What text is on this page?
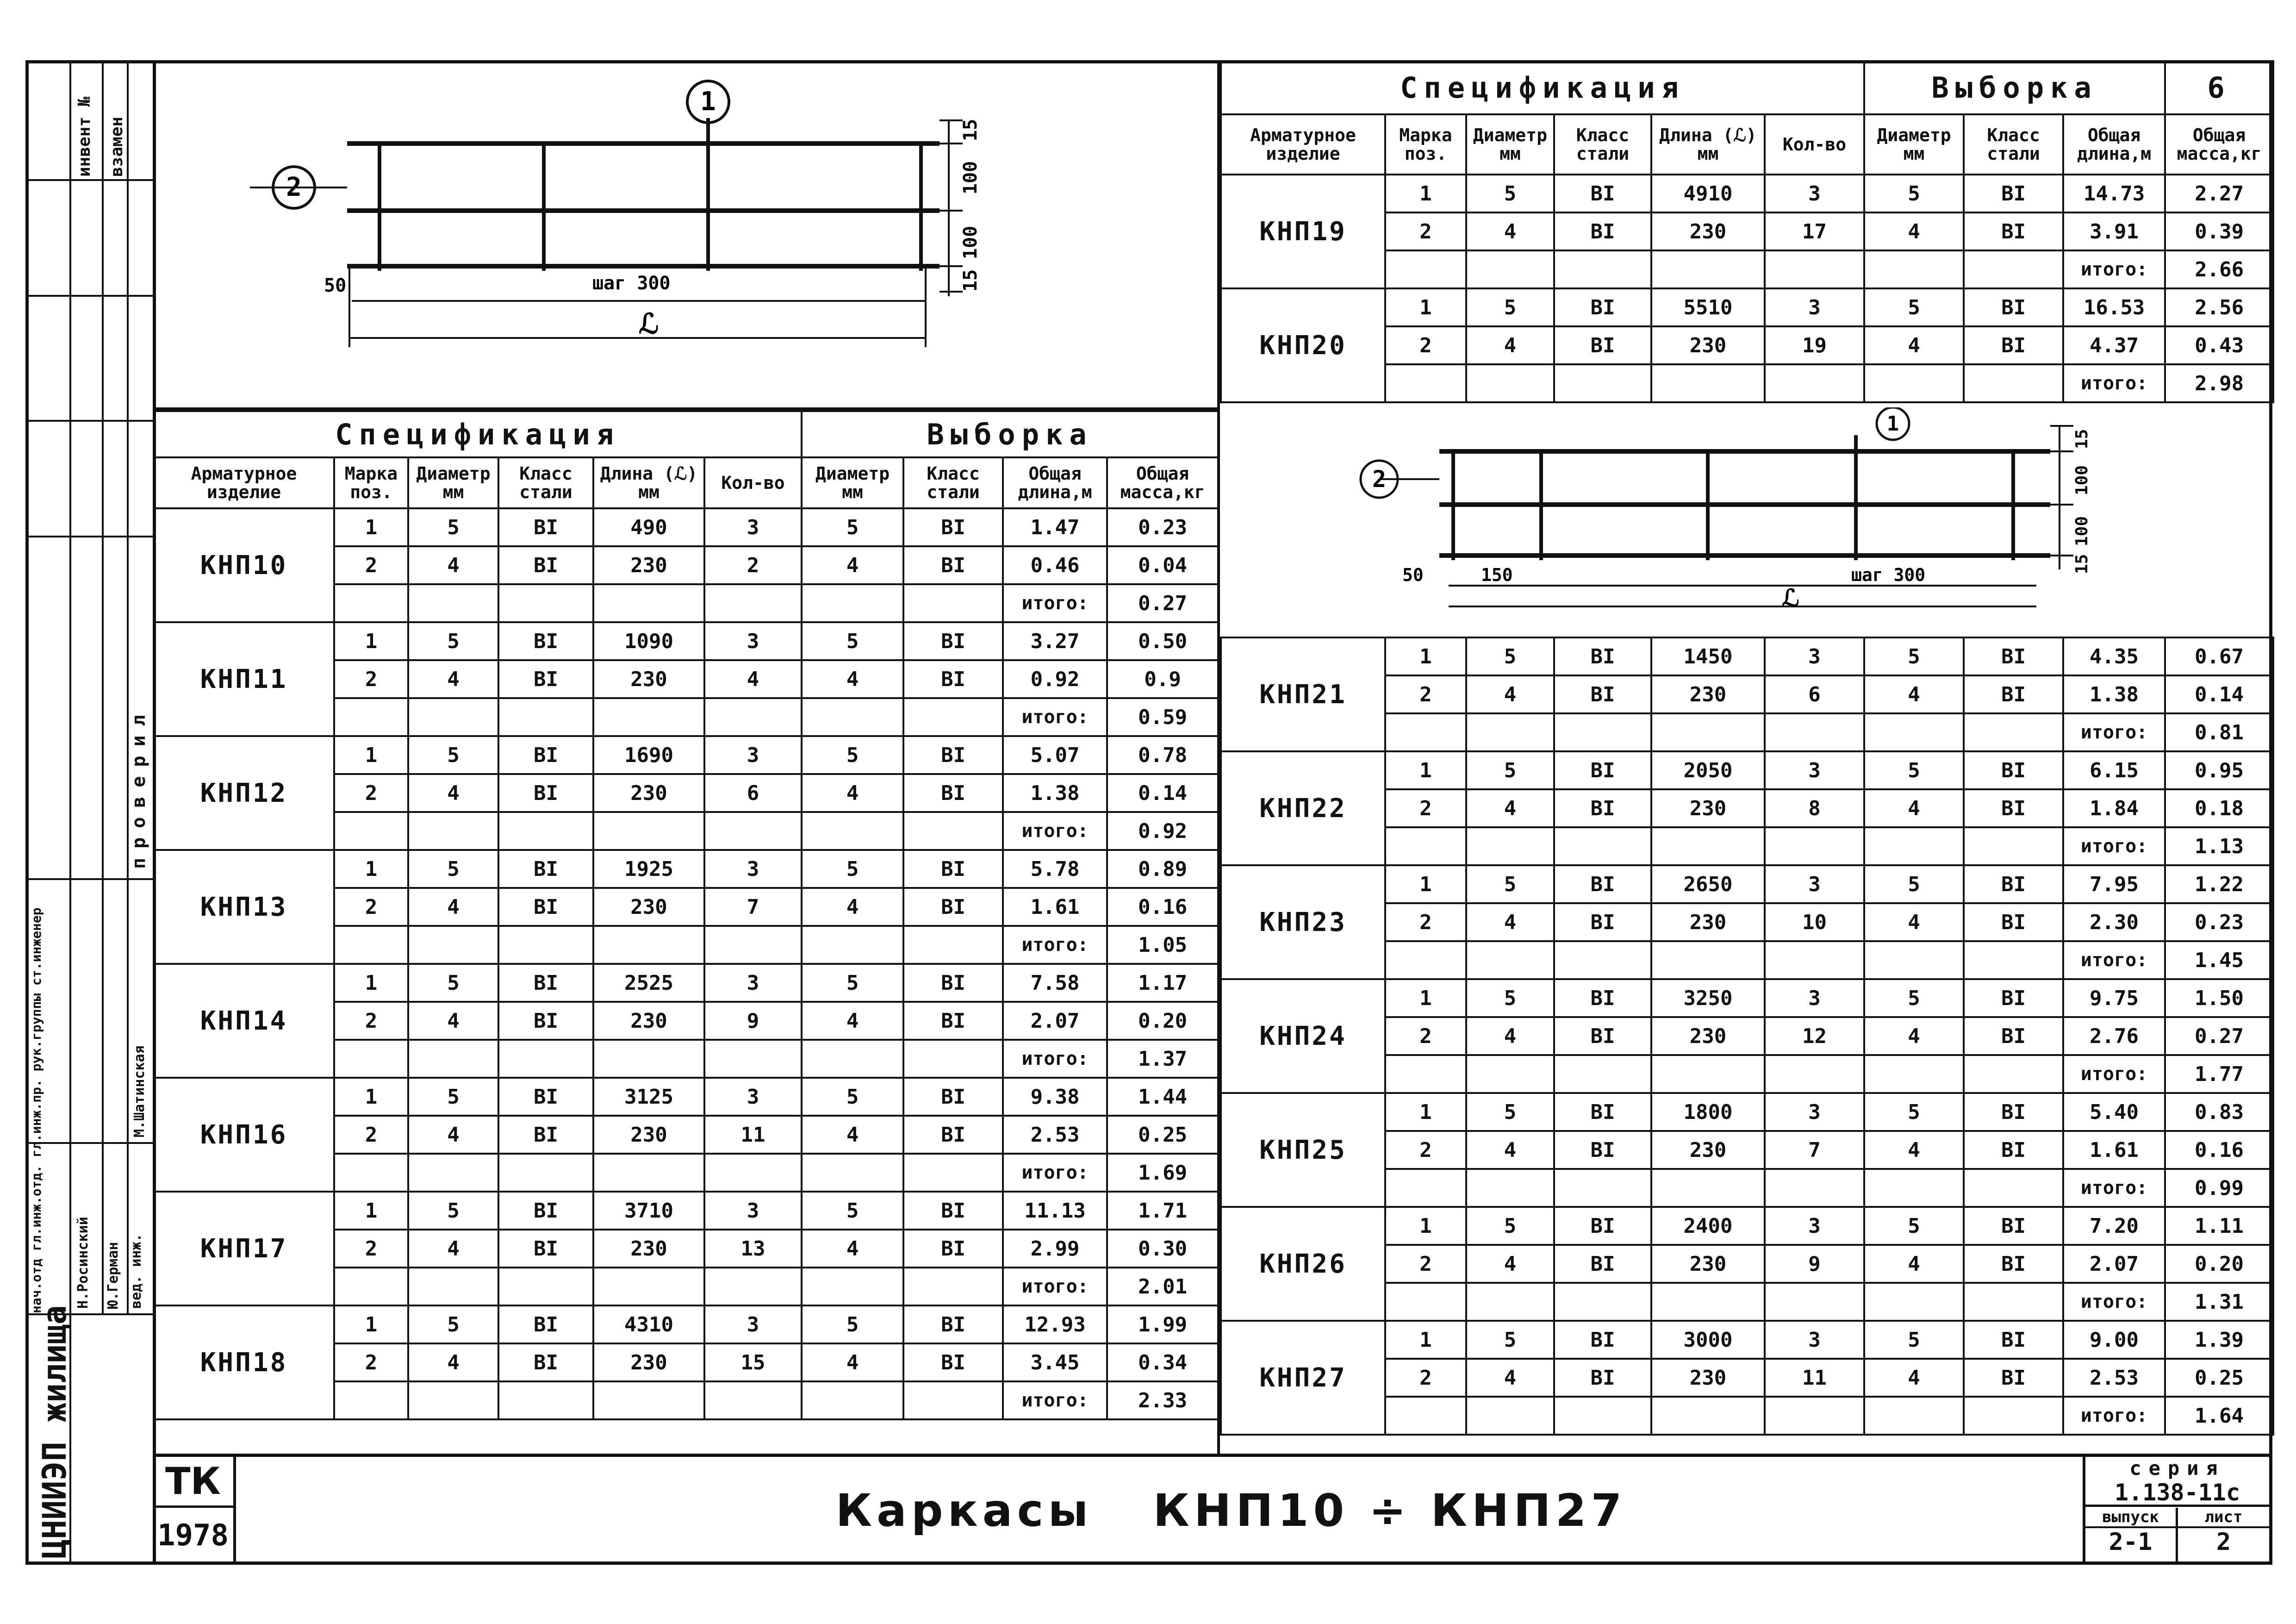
инвент № взамен
проверил
М.Шатинская
вед. инж.
Н.Росинский Ю.Герман
нач.отд гл.инж.отд. гл.инж.пр. рук.группы ст.инженер
ЦНИИЭП жилища
1
2
50	шаг 300
ℒ
15
100
100
15
1
2
50	150	шаг 300
ℒ
15
100
100
15
Спецификация						Выборка			
Арматурное изделие	Марка поз.	Диаметр мм	Класс стали	Длина (ℒ) мм	Кол-во	Диаметр мм	Класс стали	Общая длина,м	Общая масса,кг
КНП10	1	5	BI	490	3	5	BI	1.47	0.23
	2	4	BI	230	2	4	BI	0.46	0.04
								итого:	0.27
КНП11	1	5	BI	1090	3	5	BI	3.27	0.50
	2	4	BI	230	4	4	BI	0.92	0.9
								итого:	0.59
КНП12	1	5	BI	1690	3	5	BI	5.07	0.78
	2	4	BI	230	6	4	BI	1.38	0.14
								итого:	0.92
КНП13	1	5	BI	1925	3	5	BI	5.78	0.89
	2	4	BI	230	7	4	BI	1.61	0.16
								итого:	1.05
КНП14	1	5	BI	2525	3	5	BI	7.58	1.17
	2	4	BI	230	9	4	BI	2.07	0.20
								итого:	1.37
КНП16	1	5	BI	3125	3	5	BI	9.38	1.44
	2	4	BI	230	11	4	BI	2.53	0.25
								итого:	1.69
КНП17	1	5	BI	3710	3	5	BI	11.13	1.71
	2	4	BI	230	13	4	BI	2.99	0.30
								итого:	2.01
КНП18	1	5	BI	4310	3	5	BI	12.93	1.99
	2	4	BI	230	15	4	BI	3.45	0.34
								итого:	2.33
Спецификация						Выборка			6
Арматурное изделие	Марка поз.	Диаметр мм	Класс стали	Длина (ℒ) мм	Кол-во	Диаметр мм	Класс стали	Общая длина,м	Общая масса,кг
КНП19	1	5	BI	4910	3	5	BI	14.73	2.27
	2	4	BI	230	17	4	BI	3.91	0.39
								итого:	2.66
КНП20	1	5	BI	5510	3	5	BI	16.53	2.56
	2	4	BI	230	19	4	BI	4.37	0.43
								итого:	2.98
КНП21	1	5	BI	1450	3	5	BI	4.35	0.67
	2	4	BI	230	6	4	BI	1.38	0.14
								итого:	0.81
КНП22	1	5	BI	2050	3	5	BI	6.15	0.95
	2	4	BI	230	8	4	BI	1.84	0.18
								итого:	1.13
КНП23	1	5	BI	2650	3	5	BI	7.95	1.22
	2	4	BI	230	10	4	BI	2.30	0.23
								итого:	1.45
КНП24	1	5	BI	3250	3	5	BI	9.75	1.50
	2	4	BI	230	12	4	BI	2.76	0.27
								итого:	1.77
КНП25	1	5	BI	1800	3	5	BI	5.40	0.83
	2	4	BI	230	7	4	BI	1.61	0.16
								итого:	0.99
КНП26	1	5	BI	2400	3	5	BI	7.20	1.11
	2	4	BI	230	9	4	BI	2.07	0.20
								итого:	1.31
КНП27	1	5	BI	3000	3	5	BI	9.00	1.39
	2	4	BI	230	11	4	BI	2.53	0.25
								итого:	1.64
ТК
1978	Каркасы   КНП10 ÷ КНП27
серия
1.138-11с
выпуск
2-1
лист
2
